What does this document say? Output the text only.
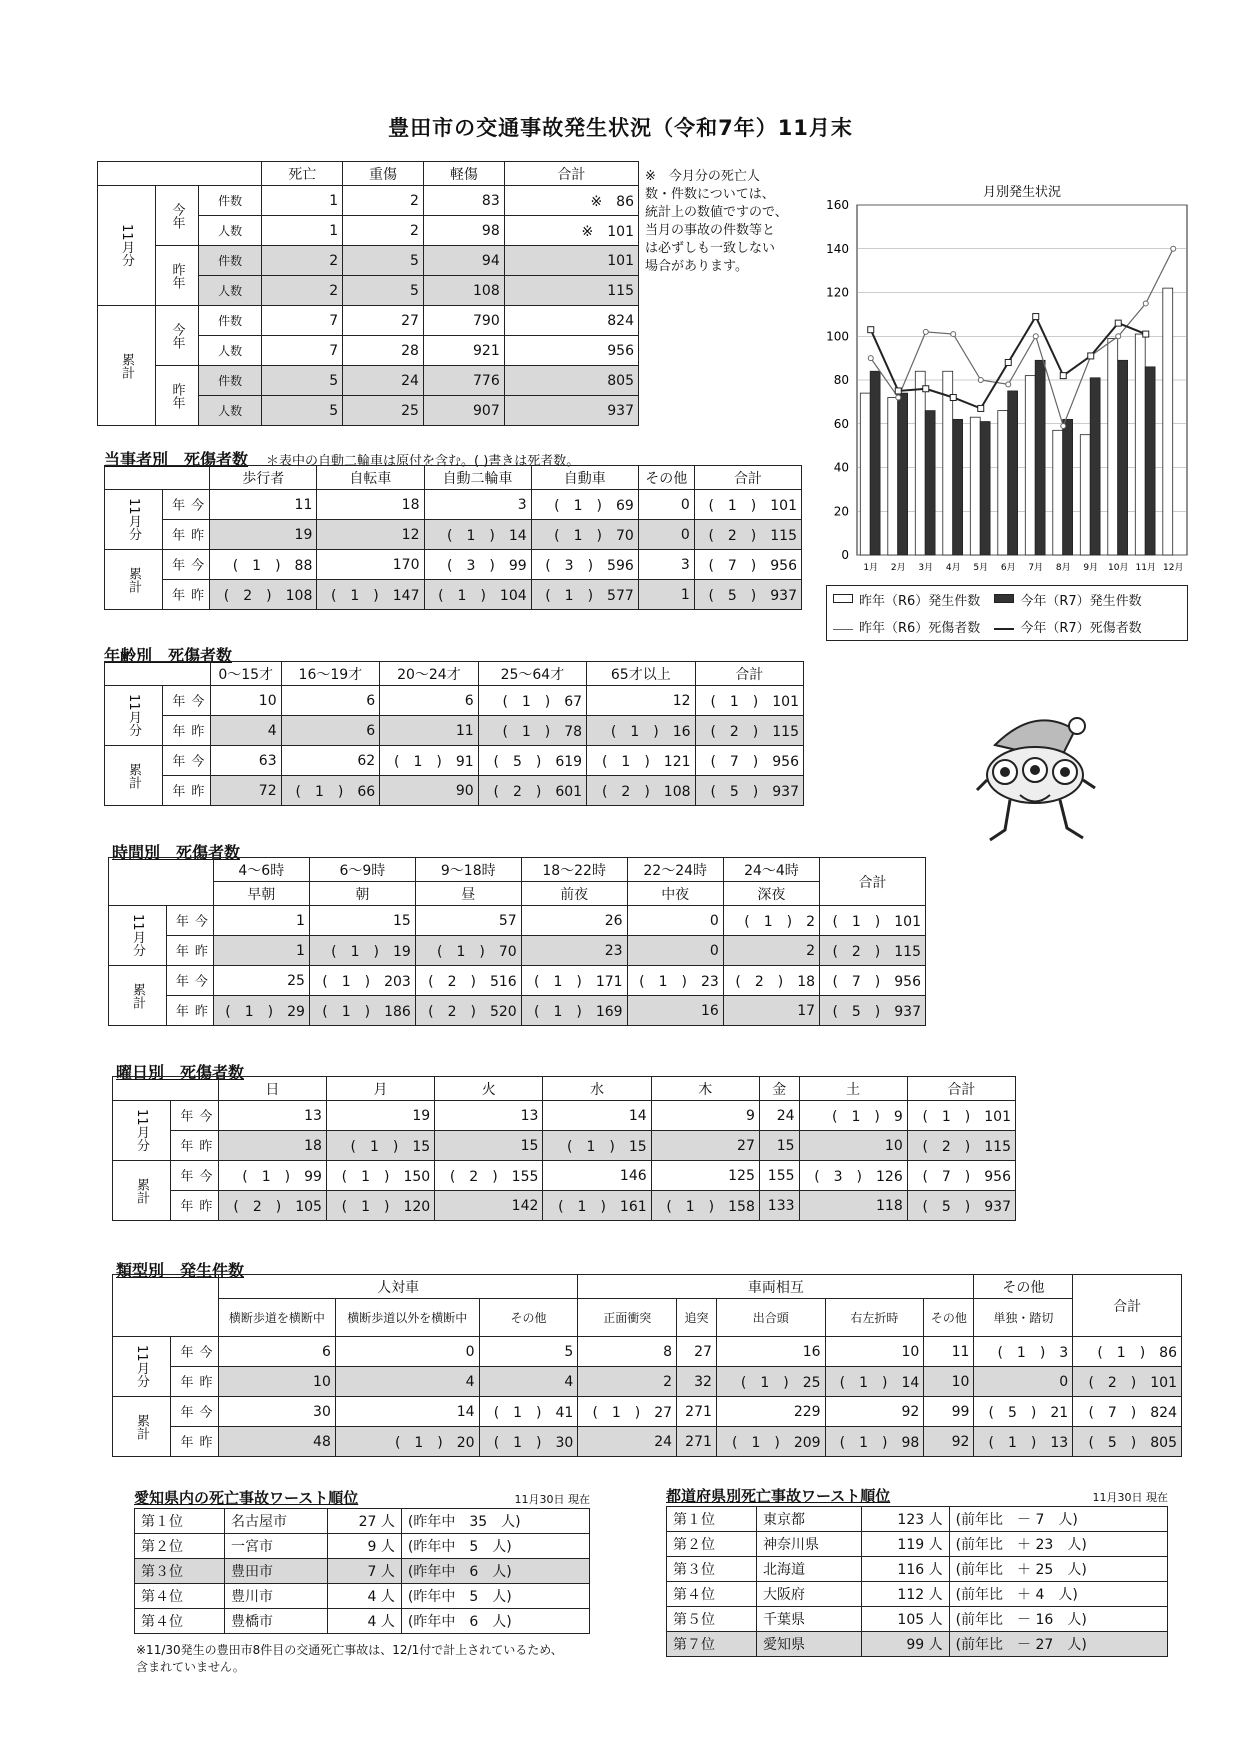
豊田市の交通事故発生状況（令和7年）11月末
			死亡	重傷	軽傷	合計
11月分	今年	件数	1	2	83	※　86
		人数	1	2	98	※　101
	昨年	件数	2	5	94	101
		人数	2	5	108	115
累計	今年	件数	7	27	790	824
		人数	7	28	921	956
	昨年	件数	5	24	776	805
		人数	5	25	907	937
※　今月分の死亡人
数・件数については、
統計上の数値ですので、
当月の事故の件数等と
は必ずしも一致しない
場合があります。
月別発生状況
0
20
40
60
80
100
120
140
160
1月 2月 3月 4月 5月 6月 7月 8月 9月 10月 11月 12月
昨年（R6）発生件数	今年（R7）発生件数
昨年（R6）死傷者数	今年（R7）死傷者数
当事者別　死傷者数 ＊表中の自動二輪車は原付を含む。( )書きは死者数。
		歩行者	自転車	自動二輪車	自動車	その他	合計
11月分	今年	11	18	3	(　1　)　69	0	(　1　)　101
	昨年	19	12	(　1　)　14	(　1　)　70	0	(　2　)　115
累計	今年	(　1　)　88	170	(　3　)　99	(　3　)　596	3	(　7　)　956
	昨年	(　2　)　108	(　1　)　147	(　1　)　104	(　1　)　577	1	(　5　)　937
年齢別　死傷者数
		0～15才	16～19才	20～24才	25～64才	65才以上	合計
11月分	今年	10	6	6	(　1　)　67	12	(　1　)　101
	昨年	4	6	11	(　1　)　78	(　1　)　16	(　2　)　115
累計	今年	63	62	(　1　)　91	(　5　)　619	(　1　)　121	(　7　)　956
	昨年	72	(　1　)　66	90	(　2　)　601	(　2　)　108	(　5　)　937
時間別　死傷者数
		4～6時	6～9時	9～18時	18～22時	22～24時	24～4時	合計
		早朝	朝	昼	前夜	中夜	深夜	
11月分	今年	1	15	57	26	0	(　1　)　2	(　1　)　101
	昨年	1	(　1　)　19	(　1　)　70	23	0	2	(　2　)　115
累計	今年	25	(　1　)　203	(　2　)　516	(　1　)　171	(　1　)　23	(　2　)　18	(　7　)　956
	昨年	(　1　)　29	(　1　)　186	(　2　)　520	(　1　)　169	16	17	(　5　)　937
曜日別　死傷者数
		日	月	火	水	木	金	土	合計
11月分	今年	13	19	13	14	9	24	(　1　)　9	(　1　)　101
	昨年	18	(　1　)　15	15	(　1　)　15	27	15	10	(　2　)　115
累計	今年	(　1　)　99	(　1　)　150	(　2　)　155	146	125	155	(　3　)　126	(　7　)　956
	昨年	(　2　)　105	(　1　)　120	142	(　1　)　161	(　1　)　158	133	118	(　5　)　937
類型別　発生件数
		人対車			車両相互					その他	合計
		横断歩道を横断中	横断歩道以外を横断中	その他	正面衝突	追突	出合頭	右左折時	その他	単独・踏切	
11月分	今年	6	0	5	8	27	16	10	11	(　1　)　3	(　1　)　86
	昨年	10	4	4	2	32	(　1　)　25	(　1　)　14	10	0	(　2　)　101
累計	今年	30	14	(　1　)　41	(　1　)　27	271	229	92	99	(　5　)　21	(　7　)　824
	昨年	48	(　1　)　20	(　1　)　30	24	271	(　1　)　209	(　1　)　98	92	(　1　)　13	(　5　)　805
愛知県内の死亡事故ワースト順位	11月30日 現在
第１位	名古屋市	27 人	(昨年中　35　人)
第２位	一宮市	9 人	(昨年中　5　人)
第３位	豊田市	7 人	(昨年中　6　人)
第４位	豊川市	4 人	(昨年中　5　人)
第４位	豊橋市	4 人	(昨年中　6　人)
※11/30発生の豊田市8件目の交通死亡事故は、12/1付で計上されているため、
含まれていません。
都道府県別死亡事故ワースト順位	11月30日 現在
第１位	東京都	123 人	(前年比　－ 7　人)
第２位	神奈川県	119 人	(前年比　＋ 23　人)
第３位	北海道	116 人	(前年比　＋ 25　人)
第４位	大阪府	112 人	(前年比　＋ 4　人)
第５位	千葉県	105 人	(前年比　－ 16　人)
第７位	愛知県	99 人	(前年比　－ 27　人)
